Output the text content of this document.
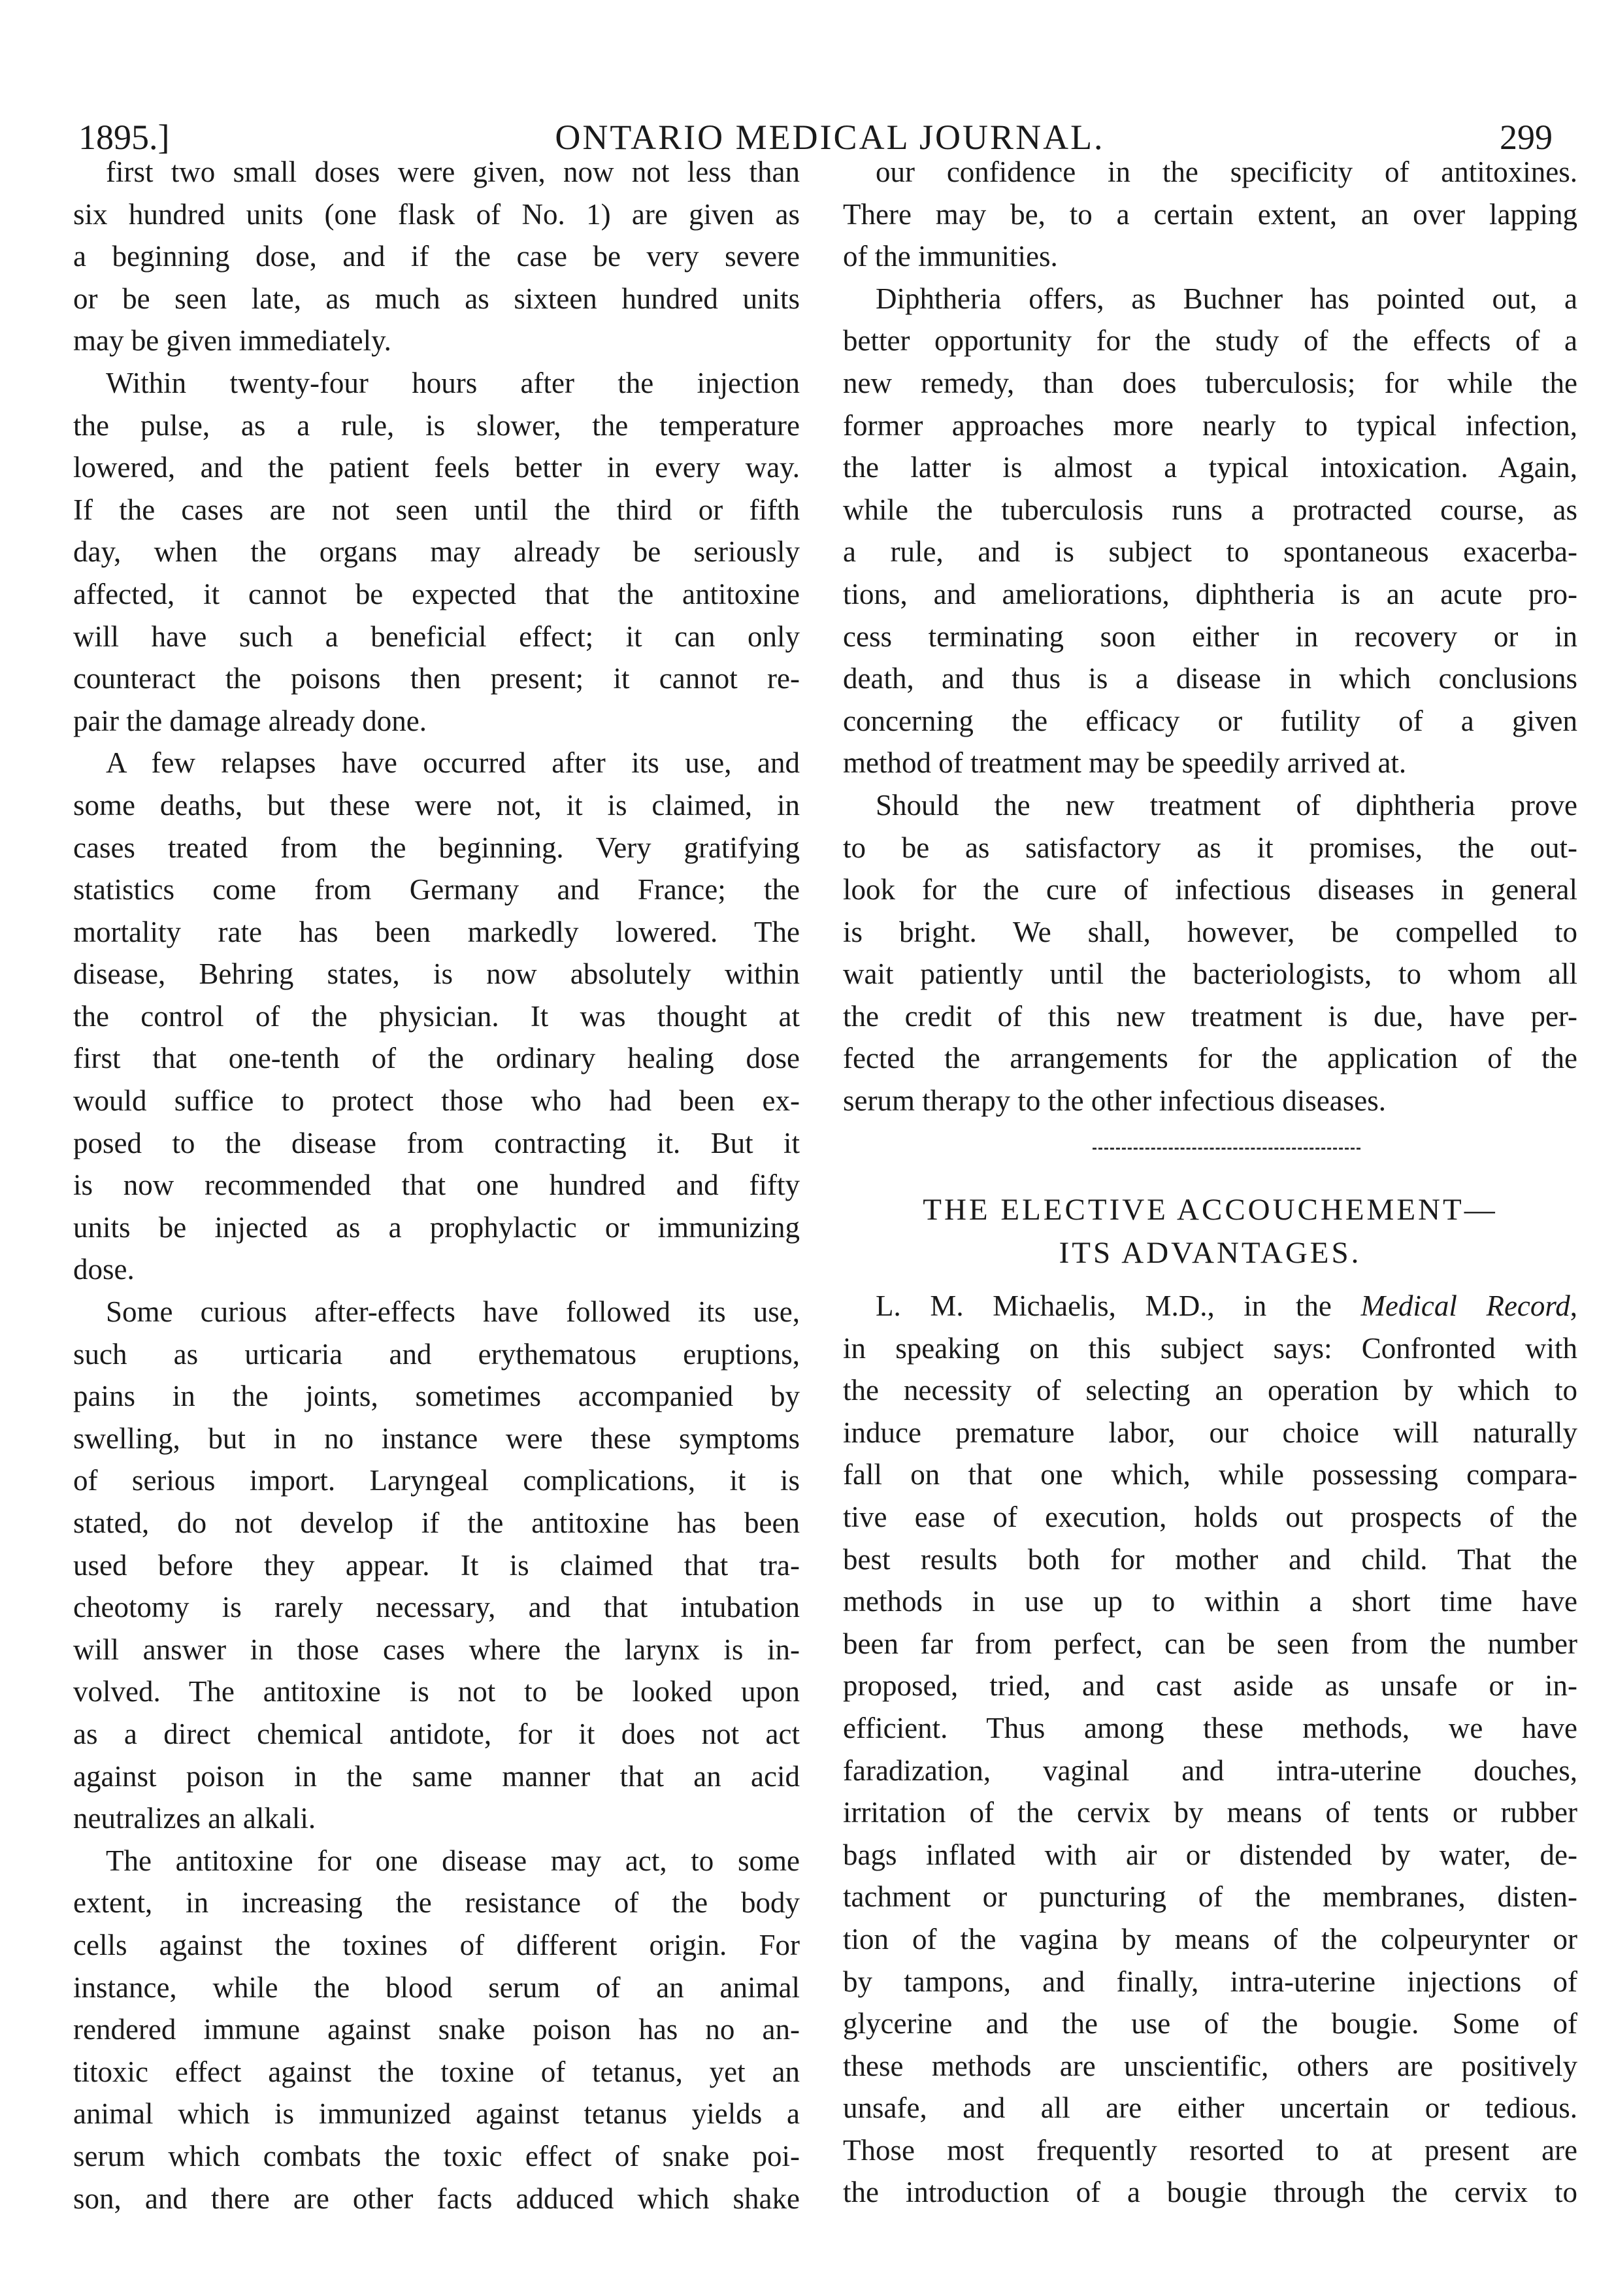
1895.]	ONTARIO MEDICAL JOURNAL.	299
first two small doses were given, now not less than
six hundred units (one flask of No. 1) are given as
a beginning dose, and if the case be very severe
or be seen late, as much as sixteen hundred units
may be given immediately.
Within twenty-four hours after the injection
the pulse, as a rule, is slower, the temperature
lowered, and the patient feels better in every way.
If the cases are not seen until the third or fifth
day, when the organs may already be seriously
affected, it cannot be expected that the antitoxine
will have such a beneficial effect; it can only
counteract the poisons then present; it cannot re-
pair the damage already done.
A few relapses have occurred after its use, and
some deaths, but these were not, it is claimed, in
cases treated from the beginning. Very gratifying
statistics come from Germany and France; the
mortality rate has been markedly lowered. The
disease, Behring states, is now absolutely within
the control of the physician. It was thought at
first that one-tenth of the ordinary healing dose
would suffice to protect those who had been ex-
posed to the disease from contracting it. But it
is now recommended that one hundred and fifty
units be injected as a prophylactic or immunizing
dose.
Some curious after-effects have followed its use,
such as urticaria and erythematous eruptions,
pains in the joints, sometimes accompanied by
swelling, but in no instance were these symptoms
of serious import. Laryngeal complications, it is
stated, do not develop if the antitoxine has been
used before they appear. It is claimed that tra-
cheotomy is rarely necessary, and that intubation
will answer in those cases where the larynx is in-
volved. The antitoxine is not to be looked upon
as a direct chemical antidote, for it does not act
against poison in the same manner that an acid
neutralizes an alkali.
The antitoxine for one disease may act, to some
extent, in increasing the resistance of the body
cells against the toxines of different origin. For
instance, while the blood serum of an animal
rendered immune against snake poison has no an-
titoxic effect against the toxine of tetanus, yet an
animal which is immunized against tetanus yields a
serum which combats the toxic effect of snake poi-
son, and there are other facts adduced which shake
our confidence in the specificity of antitoxines.
There may be, to a certain extent, an over lapping
of the immunities.
Diphtheria offers, as Buchner has pointed out, a
better opportunity for the study of the effects of a
new remedy, than does tuberculosis; for while the
former approaches more nearly to typical infection,
the latter is almost a typical intoxication. Again,
while the tuberculosis runs a protracted course, as
a rule, and is subject to spontaneous exacerba-
tions, and ameliorations, diphtheria is an acute pro-
cess terminating soon either in recovery or in
death, and thus is a disease in which conclusions
concerning the efficacy or futility of a given
method of treatment may be speedily arrived at.
Should the new treatment of diphtheria prove
to be as satisfactory as it promises, the out-
look for the cure of infectious diseases in general
is bright. We shall, however, be compelled to
wait patiently until the bacteriologists, to whom all
the credit of this new treatment is due, have per-
fected the arrangements for the application of the
serum therapy to the other infectious diseases.
THE ELECTIVE ACCOUCHEMENT—
ITS ADVANTAGES.
L. M. Michaelis, M.D., in the Medical Record,
in speaking on this subject says: Confronted with
the necessity of selecting an operation by which to
induce premature labor, our choice will naturally
fall on that one which, while possessing compara-
tive ease of execution, holds out prospects of the
best results both for mother and child. That the
methods in use up to within a short time have
been far from perfect, can be seen from the number
proposed, tried, and cast aside as unsafe or in-
efficient. Thus among these methods, we have
faradization, vaginal and intra-uterine douches,
irritation of the cervix by means of tents or rubber
bags inflated with air or distended by water, de-
tachment or puncturing of the membranes, disten-
tion of the vagina by means of the colpeurynter or
by tampons, and finally, intra-uterine injections of
glycerine and the use of the bougie. Some of
these methods are unscientific, others are positively
unsafe, and all are either uncertain or tedious.
Those most frequently resorted to at present are
the introduction of a bougie through the cervix to
